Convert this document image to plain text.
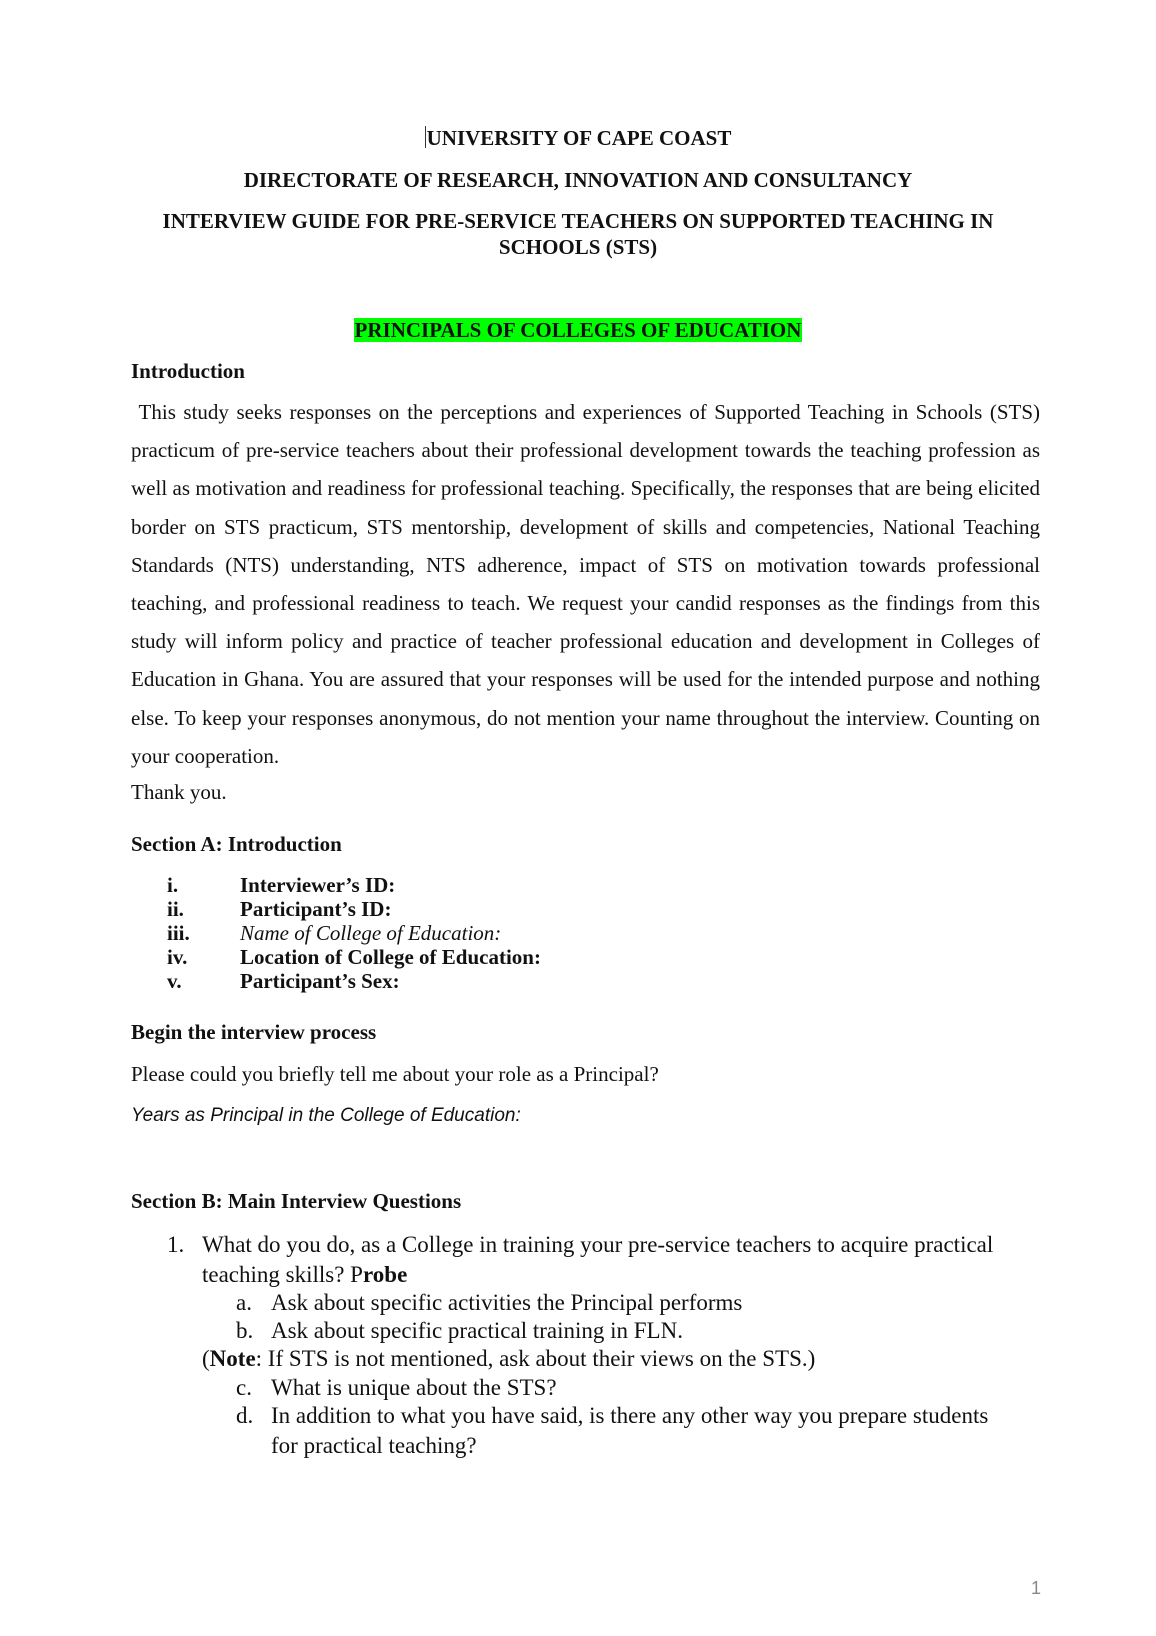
UNIVERSITY OF CAPE COAST
DIRECTORATE OF RESEARCH, INNOVATION AND CONSULTANCY
INTERVIEW GUIDE FOR PRE-SERVICE TEACHERS ON SUPPORTED TEACHING IN
SCHOOLS (STS)
PRINCIPALS OF COLLEGES OF EDUCATION
Introduction

This study seeks responses on the perceptions and experiences of Supported Teaching in Schools (STS) practicum of pre-service teachers about their professional development towards the teaching profession as well as motivation and readiness for professional teaching. Specifically, the responses that are being elicited border on STS practicum, STS mentorship, development of skills and competencies, National Teaching Standards (NTS) understanding, NTS adherence, impact of STS on motivation towards professional teaching, and professional readiness to teach. We request your candid responses as the findings from this study will inform policy and practice of teacher professional education and development in Colleges of Education in Ghana. You are assured that your responses will be used for the intended purpose and nothing else. To keep your responses anonymous, do not mention your name throughout the interview. Counting on your cooperation.

Thank you.
Section A: Introduction
i.	Interviewer’s ID:
ii.	Participant’s ID:
iii. Name of College of Education:
iv.	Location of College of Education:
v.	Participant’s Sex:
Begin the interview process
Please could you briefly tell me about your role as a Principal?
Years as Principal in the College of Education:
Section B: Main Interview Questions
1. What do you do, as a College in training your pre-service teachers to acquire practical
teaching skills? Probe
a. Ask about specific activities the Principal performs
b. Ask about specific practical training in FLN.
(Note: If STS is not mentioned, ask about their views on the STS.)
c. What is unique about the STS?
d. In addition to what you have said, is there any other way you prepare students
for practical teaching?
1
